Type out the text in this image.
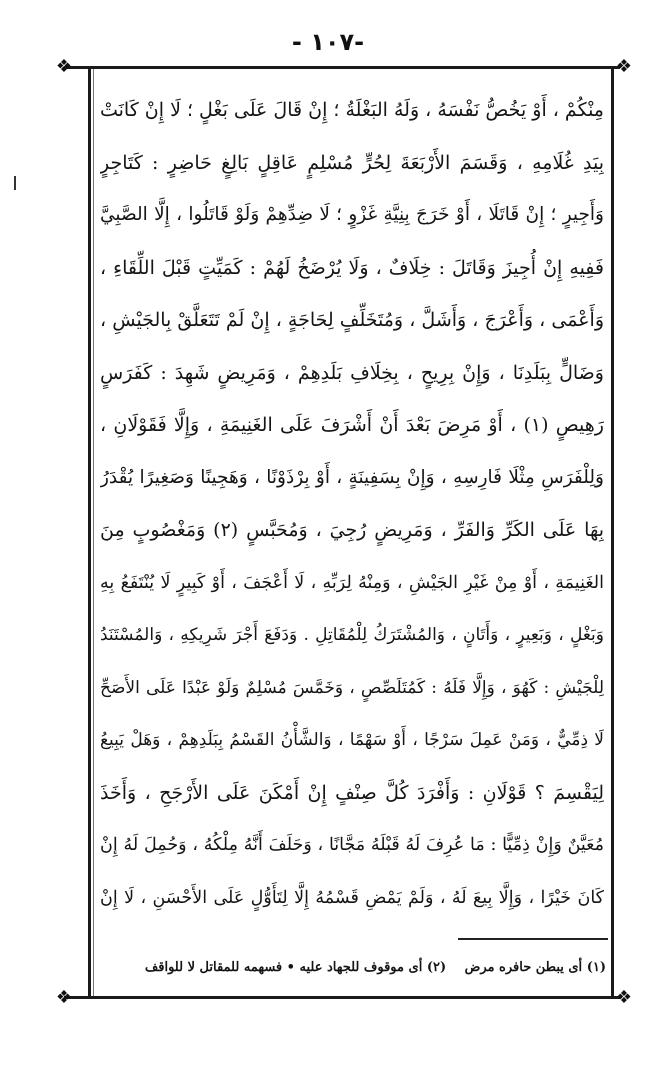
- ١٠٧-
❖	❖
❖	❖
مِنْكُمْ ، أَوْ يَخُصُّ نَفْسَهُ ، وَلَهُ البَغْلَةُ ؛ إِنْ قَالَ عَلَى بَغْلٍ ؛ لَا إِنْ كَانَتْ
بِيَدِ غُلَامِهِ ، وَقَسَمَ الأَرْبَعَةَ لِحُرٍّ مُسْلِمٍ عَاقِلٍ بَالِغٍ حَاضِرٍ : كَتَاجِرٍ
وَأَجِيرٍ ؛ إِنْ قَاتَلَا ، أَوْ خَرَجَ بِنِيَّةِ غَزْوٍ ؛ لَا ضِدِّهِمْ وَلَوْ قَاتَلُوا ، إِلَّا الصَّبِيَّ
فَفِيهِ إِنْ أُجِيزَ وَقَاتَلَ : خِلَافٌ ، وَلَا يُرْضَخُ لَهُمْ : كَمَيِّتٍ قَبْلَ اللِّقَاءِ ،
وَأَعْمَى ، وَأَعْرَجَ ، وَأَشَلَّ ، وَمُتَخَلِّفٍ لِحَاجَةٍ ، إِنْ لَمْ تَتَعَلَّقْ بِالجَيْشِ ،
وَضَالٍّ بِبَلَدِنَا ، وَإِنْ بِرِيحٍ ، بِخِلَافِ بَلَدِهِمْ ، وَمَرِيضٍ شَهِدَ : كَفَرَسٍ
رَهِيصٍ (١) ، أَوْ مَرِضَ بَعْدَ أَنْ أَشْرَفَ عَلَى الغَنِيمَةِ ، وَإِلَّا فَقَوْلَانِ ،
وَلِلْفَرَسِ مِثْلَا فَارِسِهِ ، وَإِنْ بِسَفِينَةٍ ، أَوْ بِرْذَوْنًا ، وَهَجِينًا وَصَغِيرًا يُقْدَرُ
بِهَا عَلَى الكَرِّ وَالفَرِّ ، وَمَرِيضٍ رُجِيَ ، وَمُحَبَّسٍ (٢) وَمَغْصُوبٍ مِنَ
الغَنِيمَةِ ، أَوْ مِنْ غَيْرِ الجَيْشِ ، وَمِنْهُ لِرَبِّهِ ، لَا أَعْجَفَ ، أَوْ كَبِيرٍ لَا يُنْتَفَعُ بِهِ
وَبَغْلٍ ، وَبَعِيرٍ ، وَأَتَانٍ ، وَالمُشْتَرَكُ لِلْمُقَاتِلِ . وَدَفَعَ أَجْرَ شَرِيكِهِ ، وَالمُسْتَنَدُ
لِلْجَيْشِ : كَهُوَ ، وَإِلَّا فَلَهُ : كَمُتَلَصِّصٍ ، وَخَمَّسَ مُسْلِمٌ وَلَوْ عَبْدًا عَلَى الأَصَحِّ
لَا ذِمِّيٌّ ، وَمَنْ عَمِلَ سَرْجًا ، أَوْ سَهْمًا ، وَالشَّأْنُ القَسْمُ بِبَلَدِهِمْ ، وَهَلْ يَبِيعُ
لِيَقْسِمَ ؟ قَوْلَانِ : وَأَفْرَدَ كُلَّ صِنْفٍ إِنْ أَمْكَنَ عَلَى الأَرْجَحِ ، وَأَخَذَ
مُعَيَّنٌ وَإِنْ ذِمِّيًّا : مَا عُرِفَ لَهُ قَبْلَهُ مَجَّانًا ، وَحَلَفَ أَنَّهُ مِلْكُهُ ، وَحُمِلَ لَهُ إِنْ
كَانَ خَيْرًا ، وَإِلَّا بِيعَ لَهُ ، وَلَمْ يَمْضِ قَسْمُهُ إِلَّا لِتَأَوُّلٍ عَلَى الأَحْسَنِ ، لَا إِنْ
(١) أى يبطن حافره مرض (٢) أى موقوف للجهاد عليه • فسهمه للمقاتل لا للواقف
